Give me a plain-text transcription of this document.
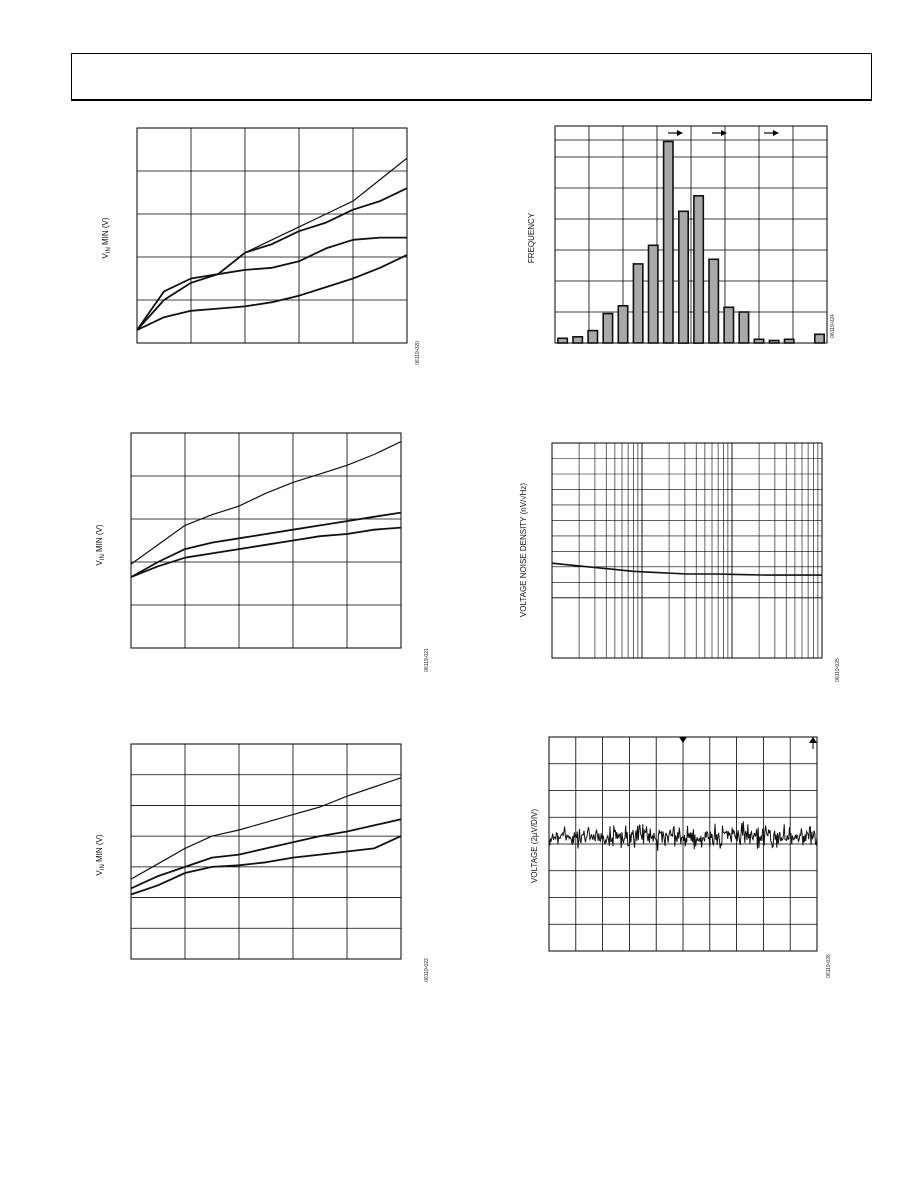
$V_{IN}$ MIN (V)
06119-020
$V_{IN}$ MIN (V)
06119-021
$V_{IN}$ MIN (V)
06119-022
FREQUENCY
06119-024
VOLTAGE NOISE DENSITY (nV/√Hz)
06119-025
VOLTAGE (2µV/DIV)
06119-026
